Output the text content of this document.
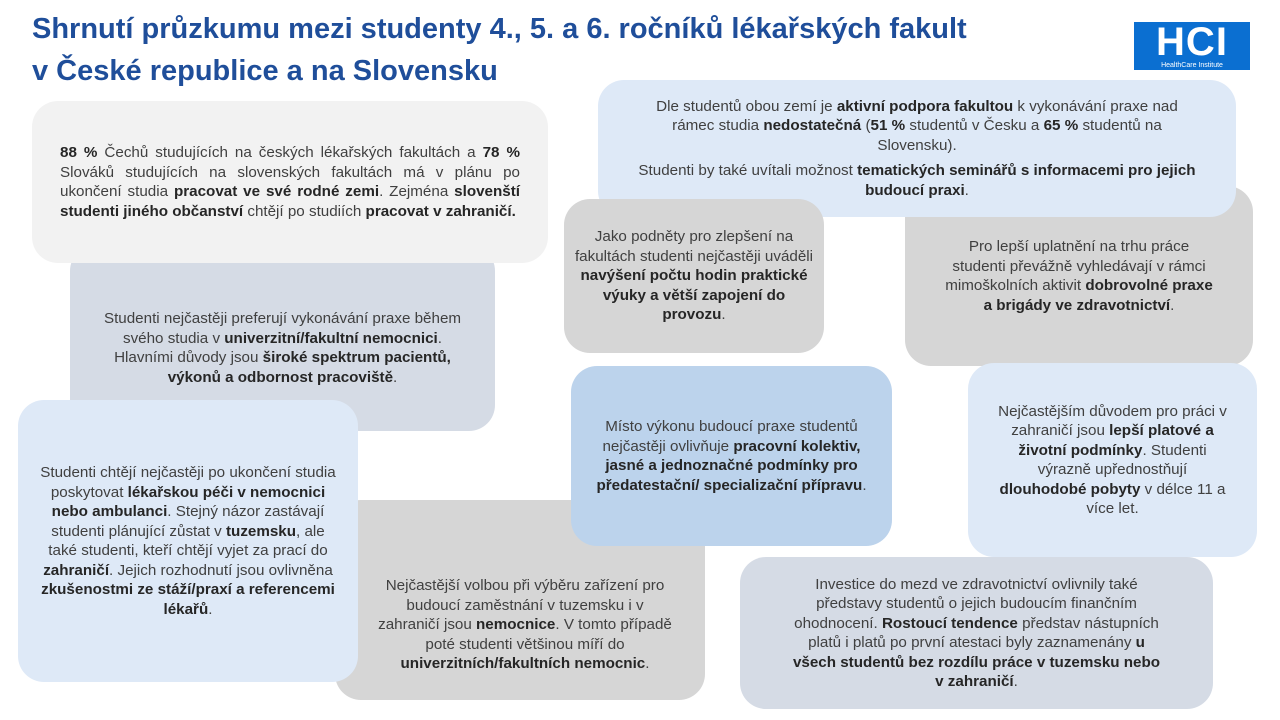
Shrnutí průzkumu mezi studenty 4., 5. a 6. ročníků lékařských fakult
v České republice a na Slovensku
HCI
HealthCare Institute

Studenti nejčastěji preferují vykonávání praxe během svého studia v univerzitní/fakultní nemocnici. Hlavními důvody jsou široké spektrum pacientů, výkonů a odbornost pracoviště.

Pro lepší uplatnění na trhu práce studenti převážně vyhledávají v rámci mimoškolních aktivit dobrovolné praxe a brigády ve zdravotnictví.

Nejčastější volbou při výběru zařízení pro budoucí zaměstnání v tuzemsku i v zahraničí jsou nemocnice. V tomto případě poté studenti většinou míří do univerzitních/fakultních nemocnic.

88 % Čechů studujících na českých lékařských fakultách a 78 % Slováků studujících na slovenských fakultách má v plánu po ukončení studia pracovat ve své rodné zemi. Zejména slovenští studenti jiného občanství chtějí po studiích pracovat v zahraničí.

Dle studentů obou zemí je aktivní podpora fakultou k vykonávání praxe nad rámec studia nedostatečná (51 % studentů v Česku a 65 % studentů na Slovensku).

Studenti by také uvítali možnost tematických seminářů s informacemi pro jejich budoucí praxi.

Jako podněty pro zlepšení na fakultách studenti nejčastěji uváděli navýšení počtu hodin praktické výuky a větší zapojení do provozu.

Studenti chtějí nejčastěji po ukončení studia poskytovat lékařskou péči v nemocnici nebo ambulanci. Stejný názor zastávají studenti plánující zůstat v tuzemsku, ale také studenti, kteří chtějí vyjet za prací do zahraničí. Jejich rozhodnutí jsou ovlivněna zkušenostmi ze stáží/praxí a referencemi lékařů.

Místo výkonu budoucí praxe studentů nejčastěji ovlivňuje pracovní kolektiv, jasné a jednoznačné podmínky pro předatestační/ specializační přípravu.

Nejčastějším důvodem pro práci v zahraničí jsou lepší platové a životní podmínky. Studenti výrazně upřednostňují dlouhodobé pobyty v délce 11 a více let.

Investice do mezd ve zdravotnictví ovlivnily také představy studentů o jejich budoucím finančním ohodnocení. Rostoucí tendence představ nástupních platů i platů po první atestaci byly zaznamenány u všech studentů bez rozdílu práce v tuzemsku nebo v zahraničí.
